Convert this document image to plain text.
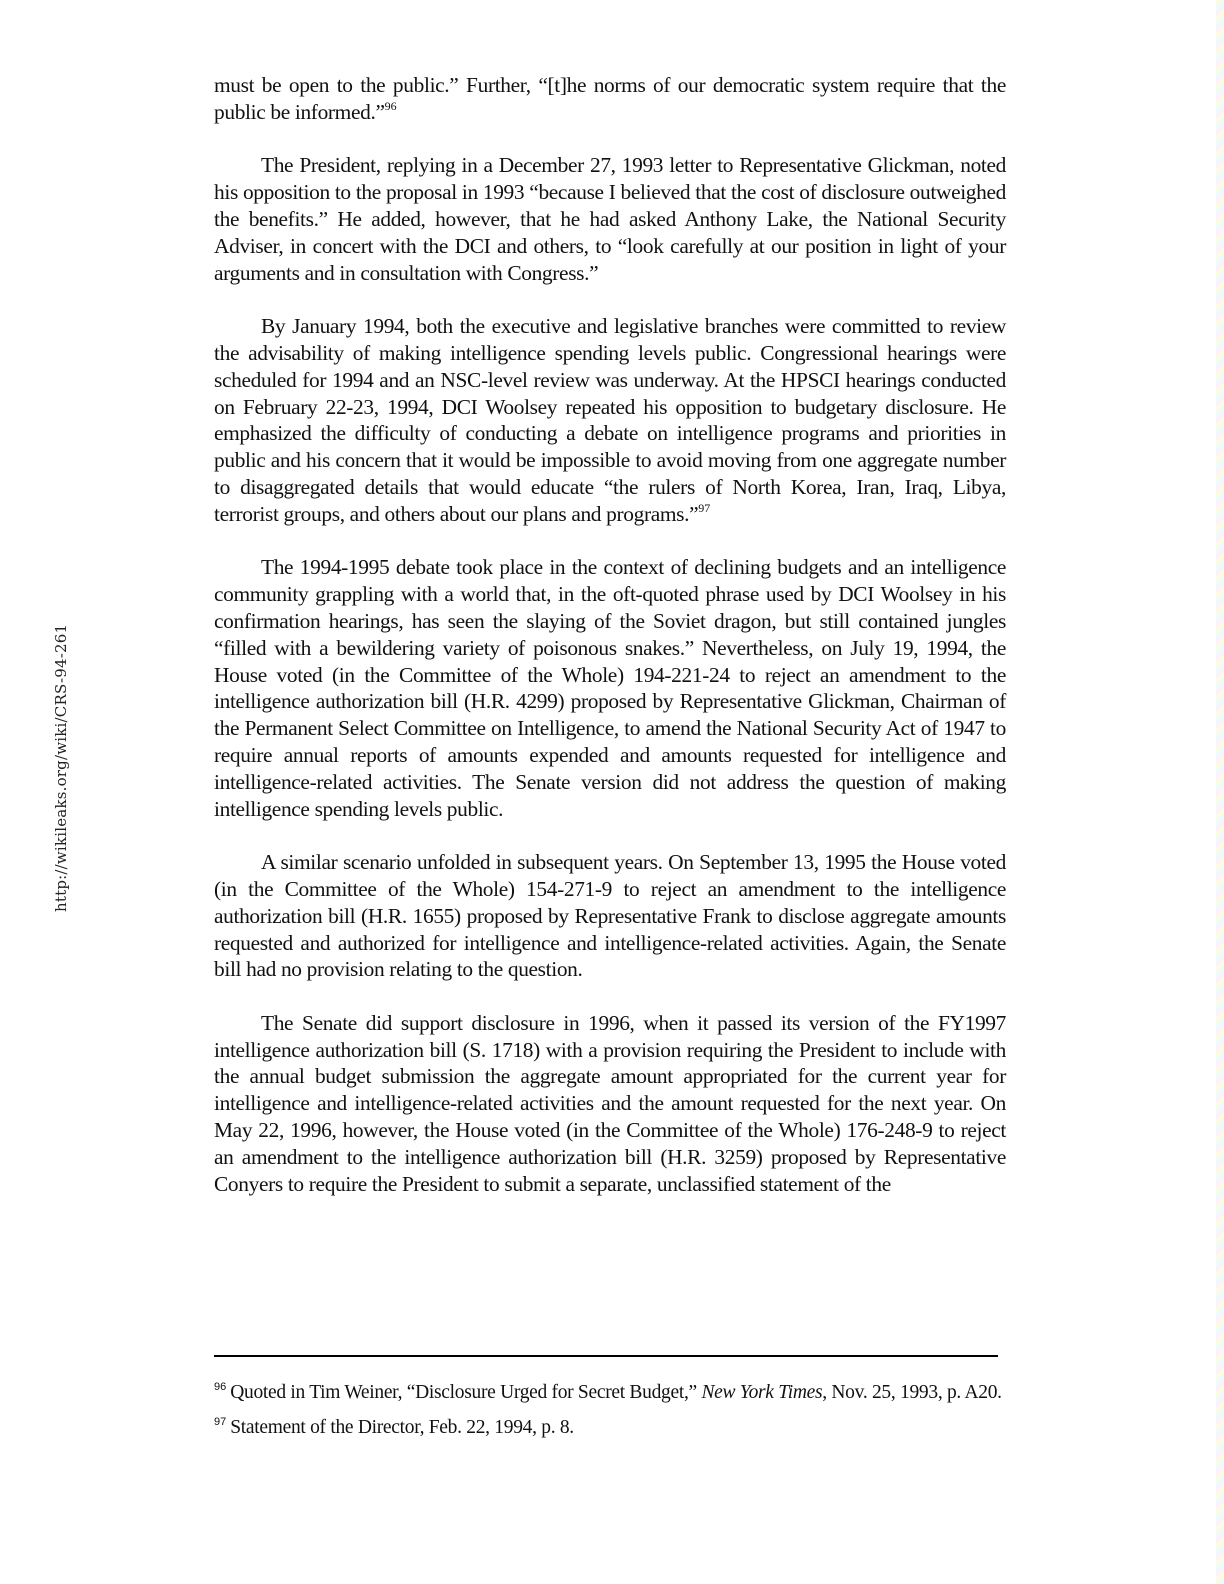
http://wikileaks.org/wiki/CRS-94-261

must be open to the public.” Further, “[t]he norms of our democratic system require that the public be informed.”$^{96}$

The President, replying in a December 27, 1993 letter to Representative Glickman, noted his opposition to the proposal in 1993 “because I believed that the cost of disclosure outweighed the benefits.” He added, however, that he had asked Anthony Lake, the National Security Adviser, in concert with the DCI and others, to “look carefully at our position in light of your arguments and in consultation with Congress.”

By January 1994, both the executive and legislative branches were committed to review the advisability of making intelligence spending levels public. Congressional hearings were scheduled for 1994 and an NSC-level review was underway. At the HPSCI hearings conducted on February 22-23, 1994, DCI Woolsey repeated his opposition to budgetary disclosure. He emphasized the difficulty of conducting a debate on intelligence programs and priorities in public and his concern that it would be impossible to avoid moving from one aggregate number to disaggregated details that would educate “the rulers of North Korea, Iran, Iraq, Libya, terrorist groups, and others about our plans and programs.”$^{97}$

The 1994-1995 debate took place in the context of declining budgets and an intelligence community grappling with a world that, in the oft-quoted phrase used by DCI Woolsey in his confirmation hearings, has seen the slaying of the Soviet dragon, but still contained jungles “filled with a bewildering variety of poisonous snakes.” Nevertheless, on July 19, 1994, the House voted (in the Committee of the Whole) 194-221-24 to reject an amendment to the intelligence authorization bill (H.R. 4299) proposed by Representative Glickman, Chairman of the Permanent Select Committee on Intelligence, to amend the National Security Act of 1947 to require annual reports of amounts expended and amounts requested for intelligence and intelligence-related activities. The Senate version did not address the question of making intelligence spending levels public.

A similar scenario unfolded in subsequent years. On September 13, 1995 the House voted (in the Committee of the Whole) 154-271-9 to reject an amendment to the intelligence authorization bill (H.R. 1655) proposed by Representative Frank to disclose aggregate amounts requested and authorized for intelligence and intelligence-related activities. Again, the Senate bill had no provision relating to the question.

The Senate did support disclosure in 1996, when it passed its version of the FY1997 intelligence authorization bill (S. 1718) with a provision requiring the President to include with the annual budget submission the aggregate amount appropriated for the current year for intelligence and intelligence-related activities and the amount requested for the next year. On May 22, 1996, however, the House voted (in the Committee of the Whole) 176-248-9 to reject an amendment to the intelligence authorization bill (H.R. 3259) proposed by Representative Conyers to require the President to submit a separate, unclassified statement of the

$^{96}$ Quoted in Tim Weiner, “Disclosure Urged for Secret Budget,” New York Times, Nov. 25, 1993, p. A20.

$^{97}$ Statement of the Director, Feb. 22, 1994, p. 8.
